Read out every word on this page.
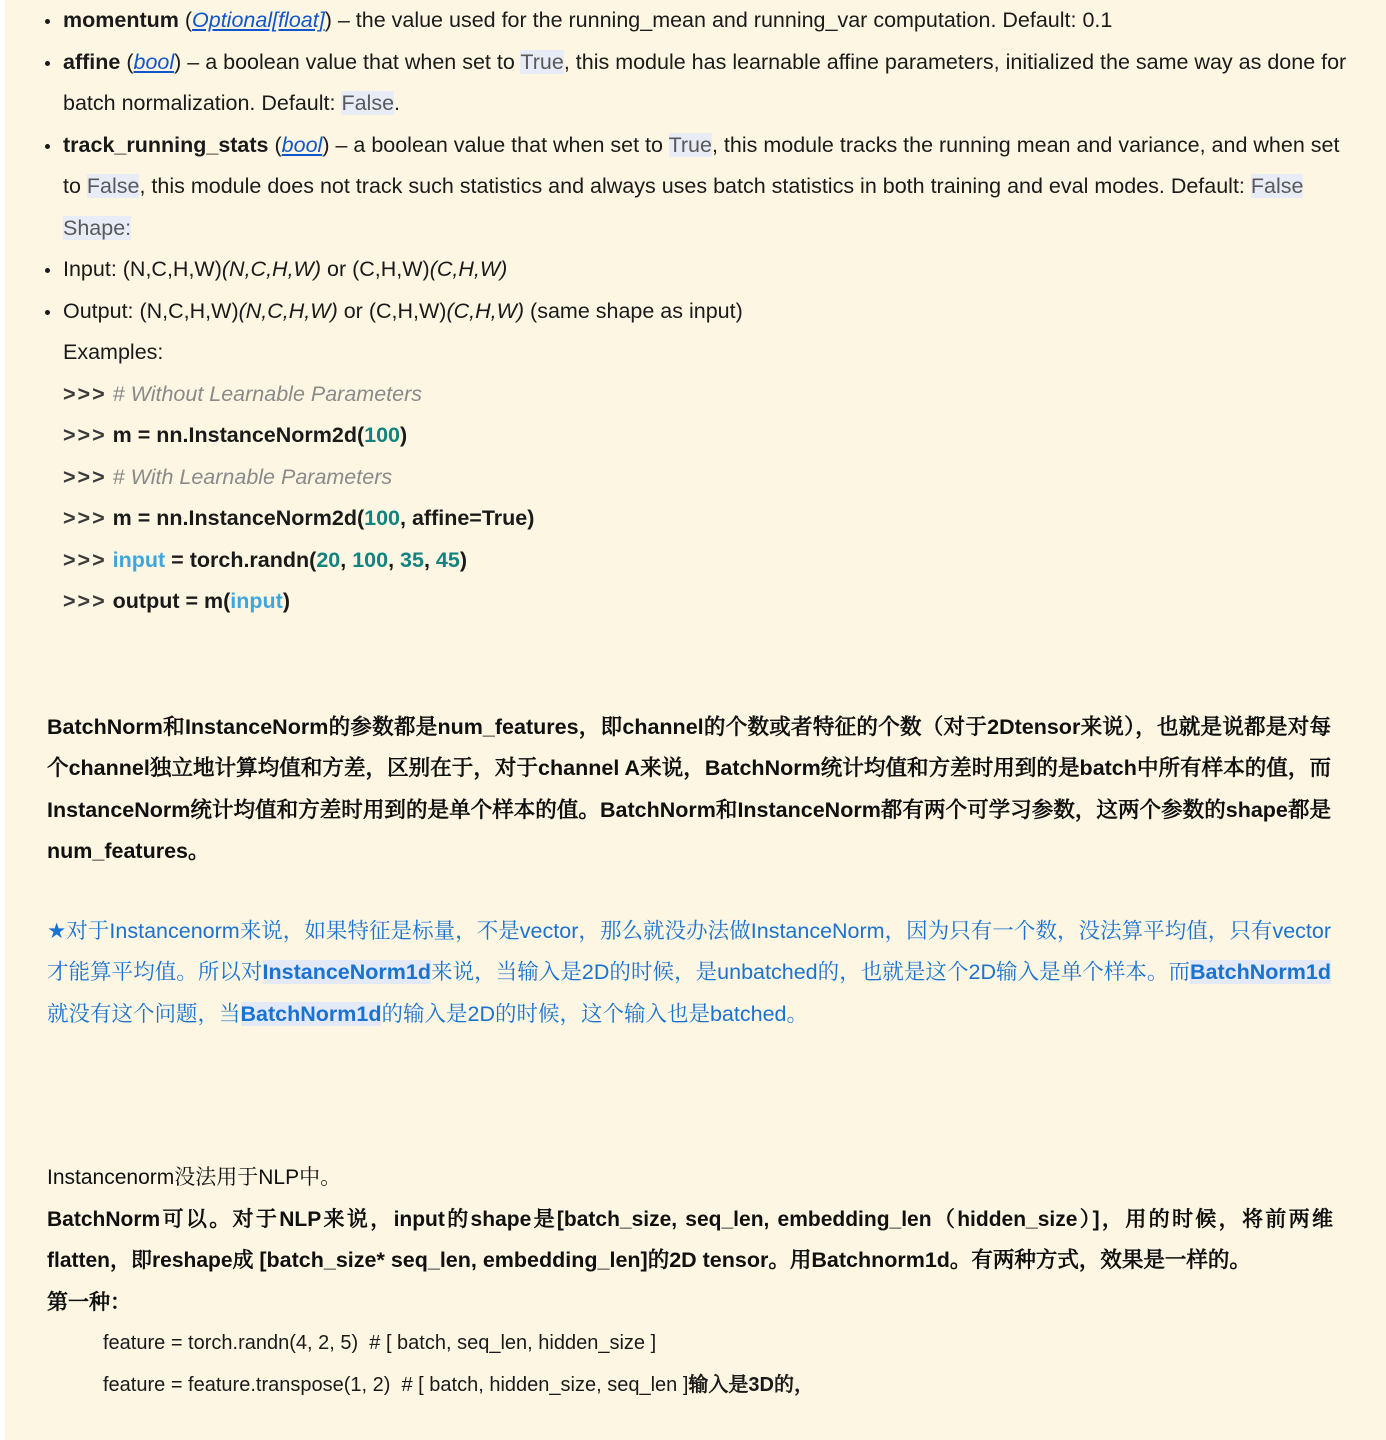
momentum (Optional[float]) – the value used for the running_mean and running_var computation. Default: 0.1
affine (bool) – a boolean value that when set to True, this module has learnable affine parameters, initialized the same way as done for batch normalization. Default: False.
track_running_stats (bool) – a boolean value that when set to True, this module tracks the running mean and variance, and when set to False, this module does not track such statistics and always uses batch statistics in both training and eval modes. Default: False
Shape:
Input: (N,C,H,W)(N,C,H,W) or (C,H,W)(C,H,W)
Output: (N,C,H,W)(N,C,H,W) or (C,H,W)(C,H,W) (same shape as input)
Examples:
>>> # Without Learnable Parameters
>>> m = nn.InstanceNorm2d(100)
>>> # With Learnable Parameters
>>> m = nn.InstanceNorm2d(100, affine=True)
>>> input = torch.randn(20, 100, 35, 45)
>>> output = m(input)
BatchNorm和InstanceNorm的参数都是num_features，即channel的个数或者特征的个数（对于2Dtensor来说），也就是说都是对每个channel独立地计算均值和方差，区别在于，对于channel A来说，BatchNorm统计均值和方差时用到的是batch中所有样本的值，而InstanceNorm统计均值和方差时用到的是单个样本的值。BatchNorm和InstanceNorm都有两个可学习参数，这两个参数的shape都是num_features。
★对于Instancenorm来说，如果特征是标量，不是vector，那么就没办法做InstanceNorm，因为只有一个数，没法算平均值，只有vector才能算平均值。所以对InstanceNorm1d来说，当输入是2D的时候，是unbatched的，也就是这个2D输入是单个样本。而BatchNorm1d 就没有这个问题，当BatchNorm1d的输入是2D的时候，这个输入也是batched。
Instancenorm没法用于NLP中。
BatchNorm可以。对于NLP来说，input的shape是[batch_size, seq_len, embedding_len（hidden_size）]，用的时候，将前两维flatten，即reshape成 [batch_size* seq_len, embedding_len]的2D tensor。用Batchnorm1d。有两种方式，效果是一样的。
第一种：
feature = torch.randn(4, 2, 5)  # [ batch, seq_len, hidden_size ]
feature = feature.transpose(1, 2)  # [ batch, hidden_size, seq_len ]输入是3D的，
